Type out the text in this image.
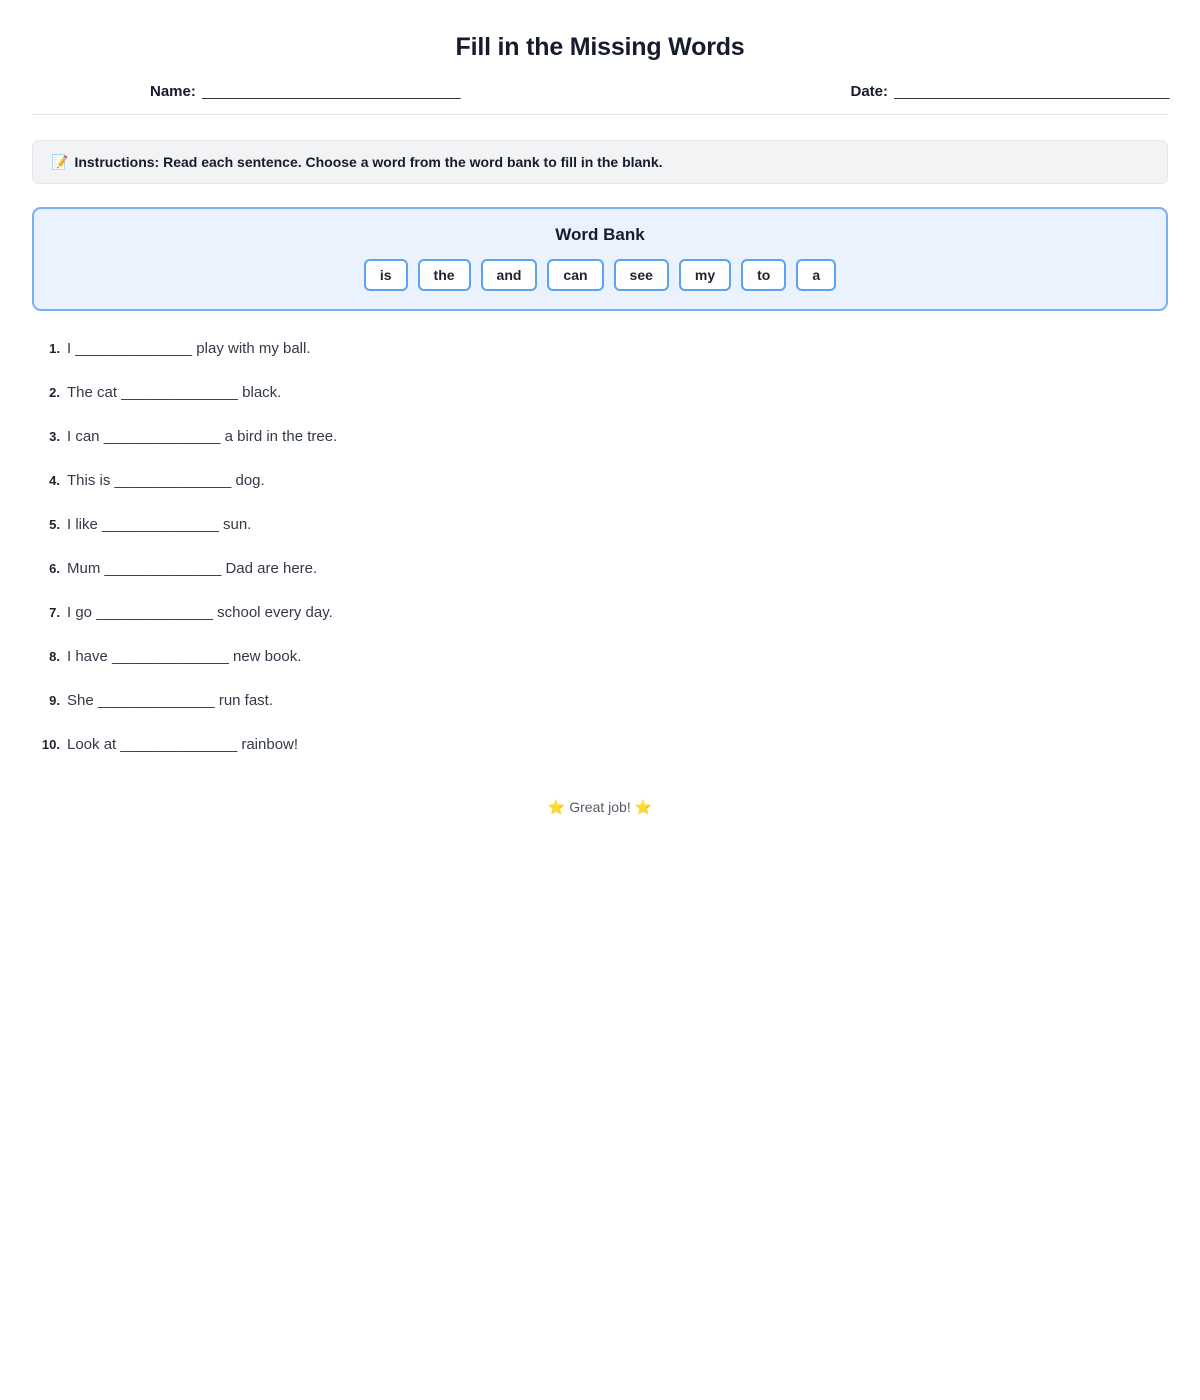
Fill in the Missing Words
Name: _______________________________	Date: _________________________________
📝 Instructions: Read each sentence. Choose a word from the word bank to fill in the blank.
Word Bank
is	the	and	can	see	my	to	a
1. I ______________ play with my ball.
2. The cat ______________ black.
3. I can ______________ a bird in the tree.
4. This is ______________ dog.
5. I like ______________ sun.
6. Mum ______________ Dad are here.
7. I go ______________ school every day.
8. I have ______________ new book.
9. She ______________ run fast.
10. Look at ______________ rainbow!
⭐ Great job! ⭐
